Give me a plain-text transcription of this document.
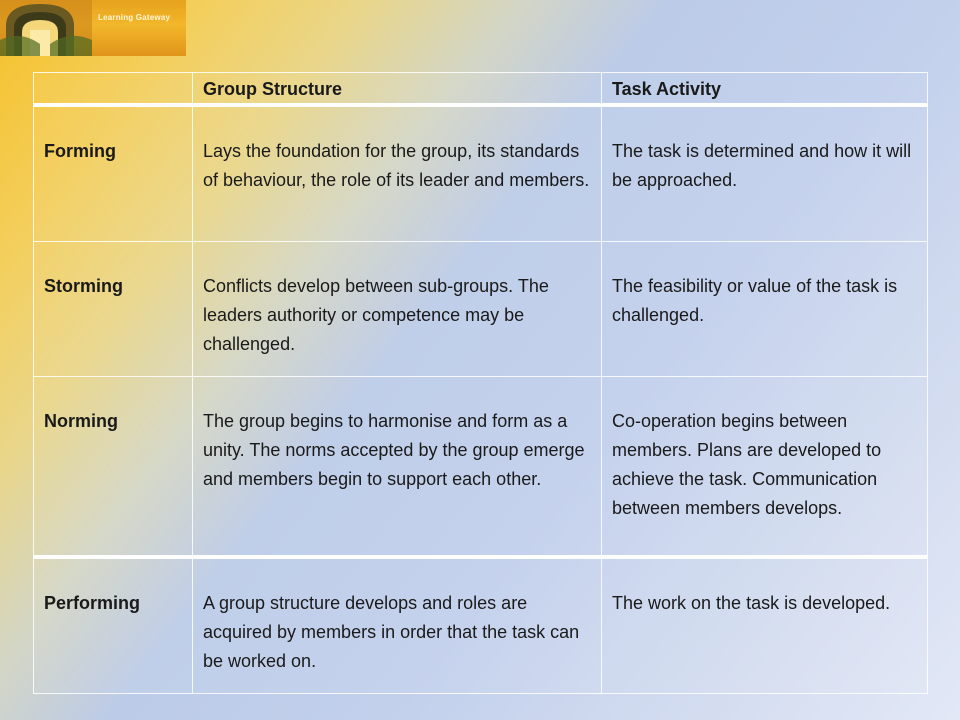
Learning Gateway
	Group Structure	Task Activity
Forming	Lays the foundation for the group, its standards of behaviour, the role of its leader and members.	The task is determined and how it will be approached.
Storming	Conflicts develop between sub-groups. The leaders authority or competence may be challenged.	The feasibility or value of the task is challenged.
Norming	The group begins to harmonise and form as a unity. The norms accepted by the group emerge and members begin to support each other.	Co-operation begins between members. Plans are developed to achieve the task. Communication between members develops.
Performing	A group structure develops and roles are acquired by members in order that the task can be worked on.	The work on the task is developed.
